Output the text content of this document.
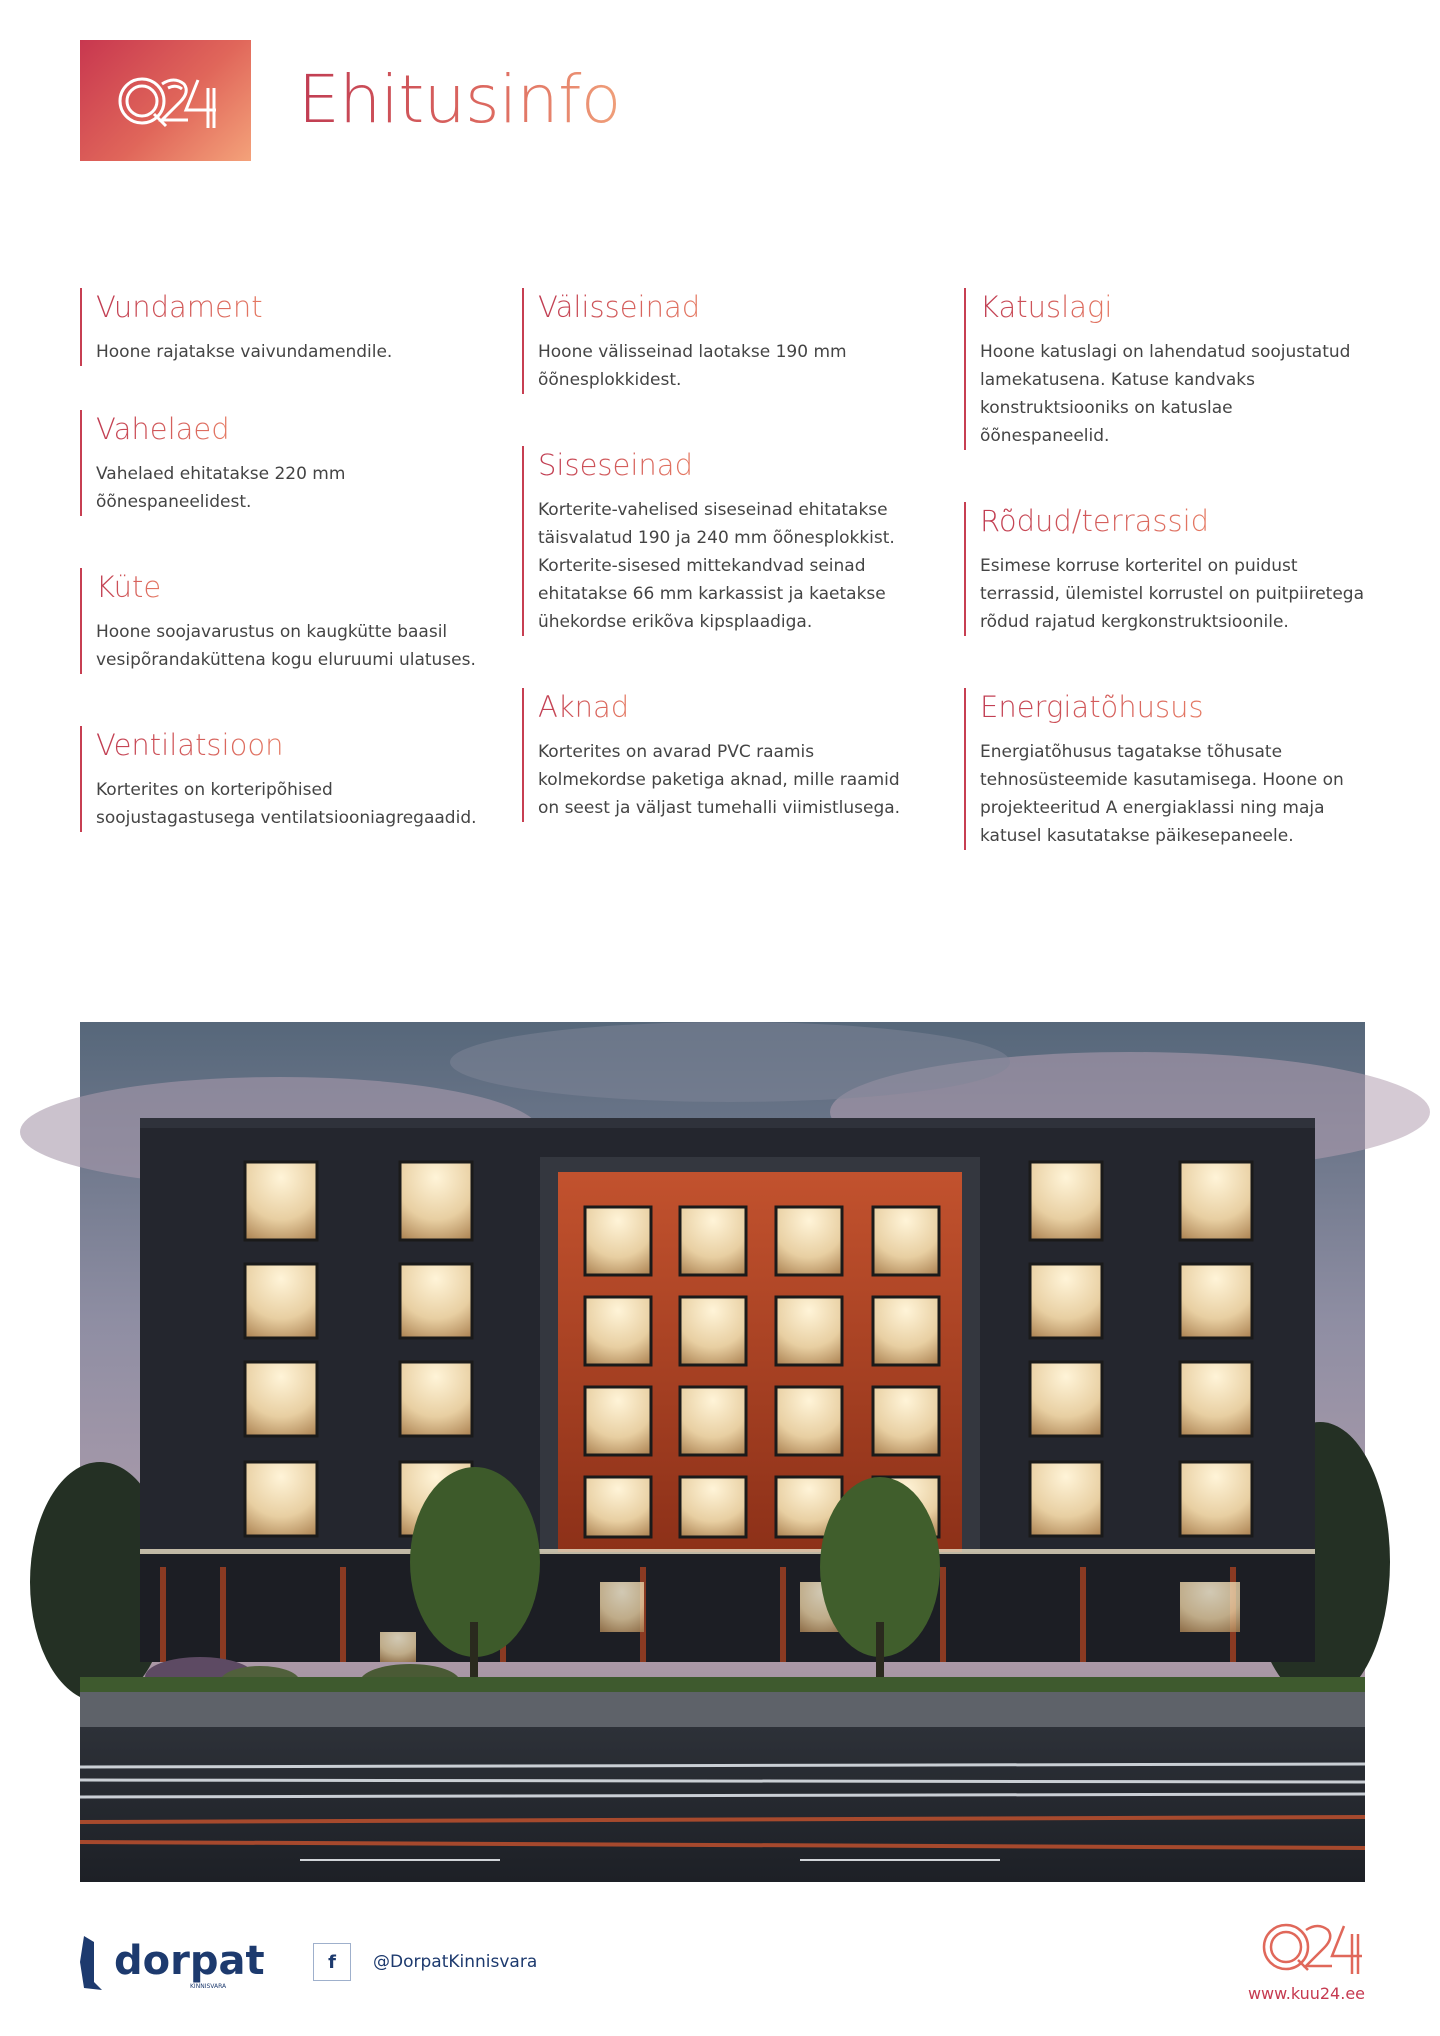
Ehitusinfo
Vundament

Hoone rajatakse vaivundamendile.

Vahelaed

Vahelaed ehitatakse 220 mm õõnespaneelidest.

Küte

Hoone soojavarustus on kaugkütte baasil vesipõrandaküttena kogu eluruumi ulatuses.

Ventilatsioon

Korterites on korteripõhised soojustagastusega ventilatsiooniagregaadid.

Välisseinad

Hoone välisseinad laotakse 190 mm õõnesplokkidest.

Siseseinad

Korterite-vahelised siseseinad ehitatakse täisvalatud 190 ja 240 mm õõnesplokkist. Korterite-sisesed mittekandvad seinad ehitatakse 66 mm karkassist ja kaetakse ühekordse erikõva kipsplaadiga.

Aknad

Korterites on avarad PVC raamis kolmekordse paketiga aknad, mille raamid on seest ja väljast tumehalli viimistlusega.

Katuslagi

Hoone katuslagi on lahendatud soojustatud lamekatusena. Katuse kandvaks konstruktsiooniks on katuslae õõnespaneelid.

Rõdud/terrassid

Esimese korruse korteritel on puidust terrassid, ülemistel korrustel on puitpiiretega rõdud rajatud kergkonstruktsioonile.

Energiatõhusus

Energiatõhusus tagatakse tõhusate tehnosüsteemide kasutamisega. Hoone on projekteeritud A energiaklassi ning maja katusel kasutatakse päikesepaneele.

dorpat
KINNISVARA
f	@DorpatKinnisvara
www.kuu24.ee
